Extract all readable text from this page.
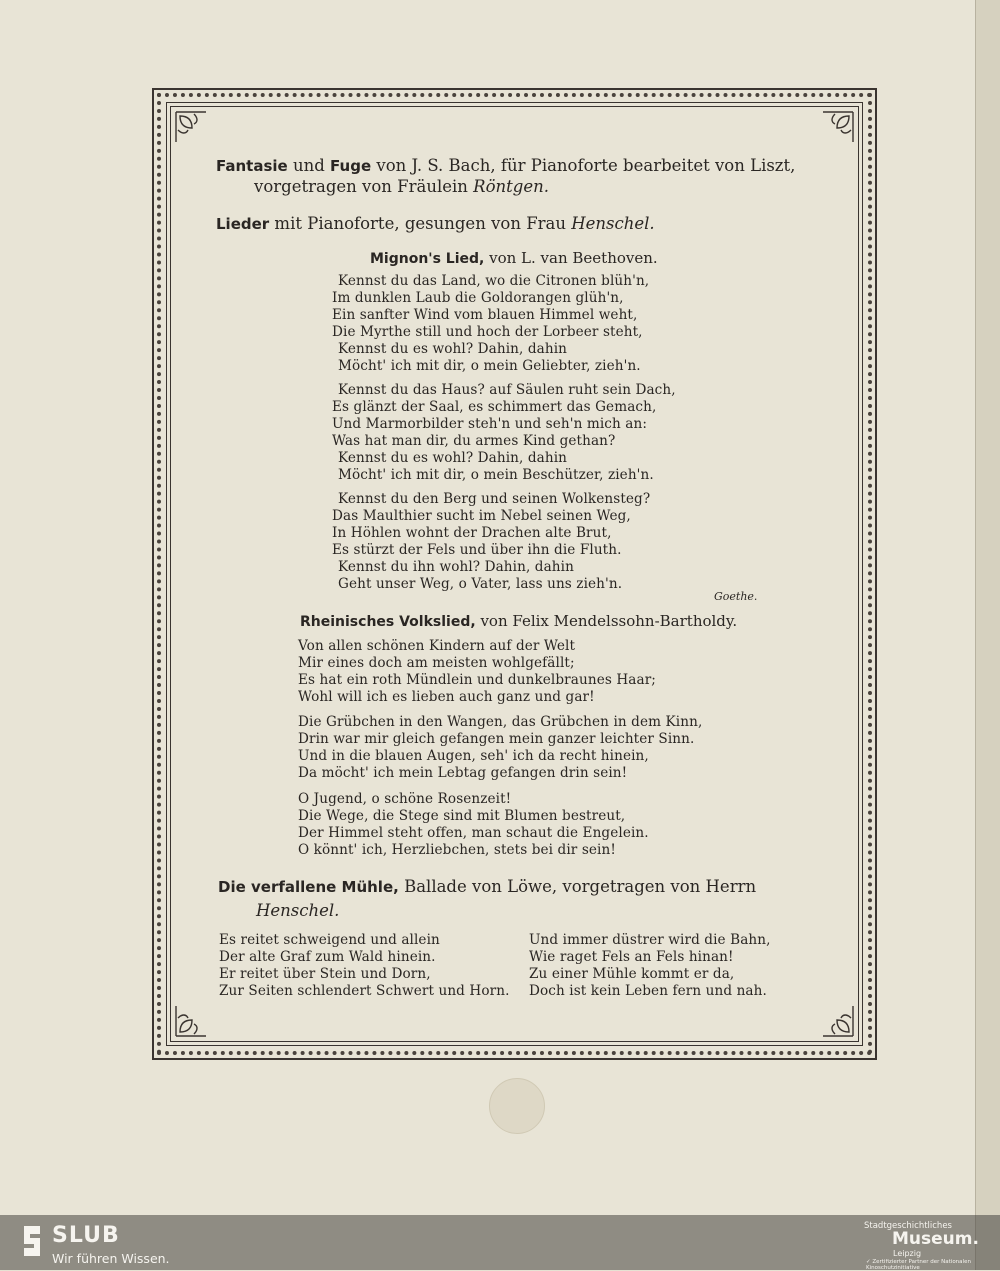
Fantasie und Fuge von J. S. Bach, für Pianoforte bearbeitet von Liszt,
vorgetragen von Fräulein Röntgen.
Lieder mit Pianoforte, gesungen von Frau Henschel.
Mignon's Lied, von L. van Beethoven.
Kennst du das Land, wo die Citronen blüh'n,
Im dunklen Laub die Goldorangen glüh'n,
Ein sanfter Wind vom blauen Himmel weht,
Die Myrthe still und hoch der Lorbeer steht,
Kennst du es wohl? Dahin, dahin
Möcht' ich mit dir, o mein Geliebter, zieh'n.
Kennst du das Haus? auf Säulen ruht sein Dach,
Es glänzt der Saal, es schimmert das Gemach,
Und Marmorbilder steh'n und seh'n mich an:
Was hat man dir, du armes Kind gethan?
Kennst du es wohl? Dahin, dahin
Möcht' ich mit dir, o mein Beschützer, zieh'n.
Kennst du den Berg und seinen Wolkensteg?
Das Maulthier sucht im Nebel seinen Weg,
In Höhlen wohnt der Drachen alte Brut,
Es stürzt der Fels und über ihn die Fluth.
Kennst du ihn wohl? Dahin, dahin
Geht unser Weg, o Vater, lass uns zieh'n.
Goethe.
Rheinisches Volkslied, von Felix Mendelssohn-Bartholdy.
Von allen schönen Kindern auf der Welt
Mir eines doch am meisten wohlgefällt;
Es hat ein roth Mündlein und dunkelbraunes Haar;
Wohl will ich es lieben auch ganz und gar!
Die Grübchen in den Wangen, das Grübchen in dem Kinn,
Drin war mir gleich gefangen mein ganzer leichter Sinn.
Und in die blauen Augen, seh' ich da recht hinein,
Da möcht' ich mein Lebtag gefangen drin sein!
O Jugend, o schöne Rosenzeit!
Die Wege, die Stege sind mit Blumen bestreut,
Der Himmel steht offen, man schaut die Engelein.
O könnt' ich, Herzliebchen, stets bei dir sein!
Die verfallene Mühle, Ballade von Löwe, vorgetragen von Herrn
Henschel.
Es reitet schweigend und allein
Der alte Graf zum Wald hinein.
Er reitet über Stein und Dorn,
Zur Seiten schlendert Schwert und Horn.
Und immer düstrer wird die Bahn,
Wie raget Fels an Fels hinan!
Zu einer Mühle kommt er da,
Doch ist kein Leben fern und nah.
SLUB
Wir führen Wissen.
Stadtgeschichtliches
Museum.
Leipzig
✓ Zertifizierter Partner der Nationalen Kinoschutzinitiative
